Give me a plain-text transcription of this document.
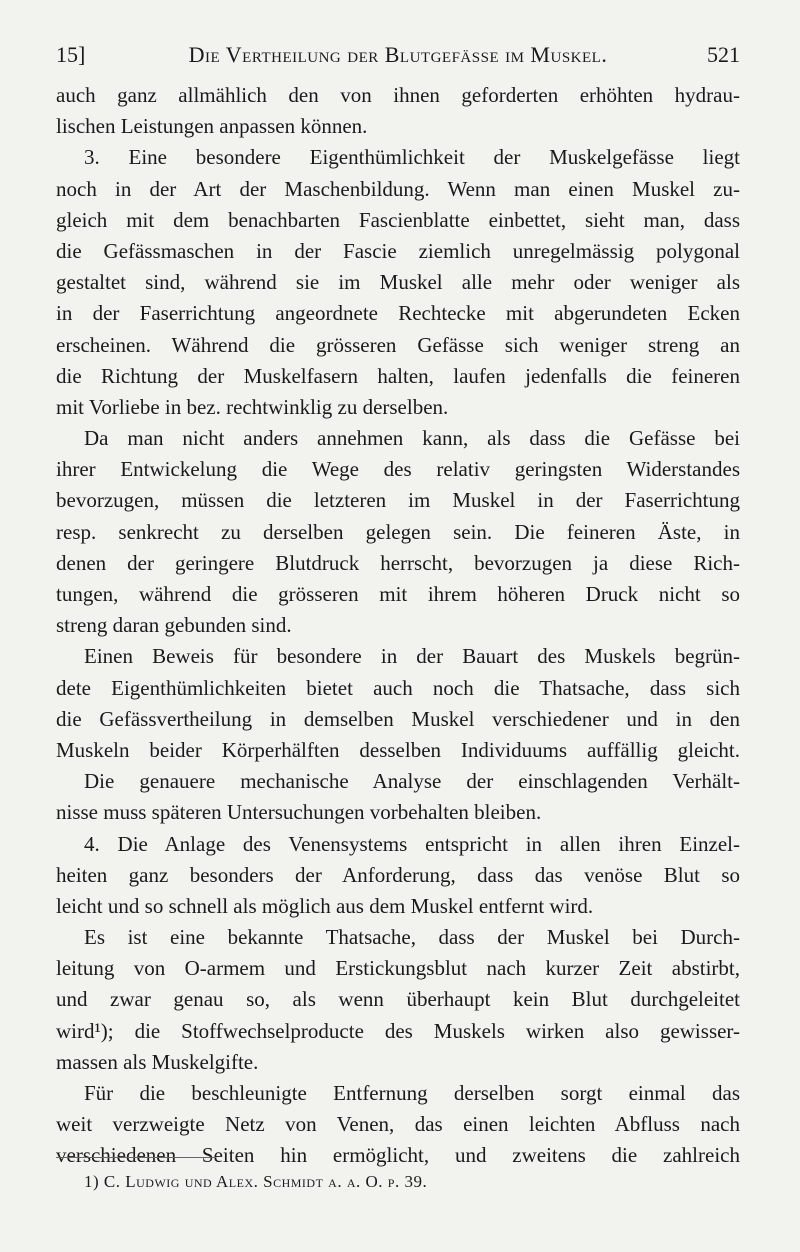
15]	Die Vertheilung der Blutgefässe im Muskel.	521
auch ganz allmählich den von ihnen geforderten erhöhten hydrau-
lischen Leistungen anpassen können.
3. Eine besondere Eigenthümlichkeit der Muskelgefässe liegt
noch in der Art der Maschenbildung. Wenn man einen Muskel zu-
gleich mit dem benachbarten Fascienblatte einbettet, sieht man, dass
die Gefässmaschen in der Fascie ziemlich unregelmässig polygonal
gestaltet sind, während sie im Muskel alle mehr oder weniger als
in der Faserrichtung angeordnete Rechtecke mit abgerundeten Ecken
erscheinen. Während die grösseren Gefässe sich weniger streng an
die Richtung der Muskelfasern halten, laufen jedenfalls die feineren
mit Vorliebe in bez. rechtwinklig zu derselben.
Da man nicht anders annehmen kann, als dass die Gefässe bei
ihrer Entwickelung die Wege des relativ geringsten Widerstandes
bevorzugen, müssen die letzteren im Muskel in der Faserrichtung
resp. senkrecht zu derselben gelegen sein. Die feineren Äste, in
denen der geringere Blutdruck herrscht, bevorzugen ja diese Rich-
tungen, während die grösseren mit ihrem höheren Druck nicht so
streng daran gebunden sind.
Einen Beweis für besondere in der Bauart des Muskels begrün-
dete Eigenthümlichkeiten bietet auch noch die Thatsache, dass sich
die Gefässvertheilung in demselben Muskel verschiedener und in den
Muskeln beider Körperhälften desselben Individuums auffällig gleicht.
Die genauere mechanische Analyse der einschlagenden Verhält-
nisse muss späteren Untersuchungen vorbehalten bleiben.
4. Die Anlage des Venensystems entspricht in allen ihren Einzel-
heiten ganz besonders der Anforderung, dass das venöse Blut so
leicht und so schnell als möglich aus dem Muskel entfernt wird.
Es ist eine bekannte Thatsache, dass der Muskel bei Durch-
leitung von O-armem und Erstickungsblut nach kurzer Zeit abstirbt,
und zwar genau so, als wenn überhaupt kein Blut durchgeleitet
wird¹); die Stoffwechselproducte des Muskels wirken also gewisser-
massen als Muskelgifte.
Für die beschleunigte Entfernung derselben sorgt einmal das
weit verzweigte Netz von Venen, das einen leichten Abfluss nach
verschiedenen Seiten hin ermöglicht, und zweitens die zahlreich
1) C. Ludwig und Alex. Schmidt a. a. O. p. 39.
